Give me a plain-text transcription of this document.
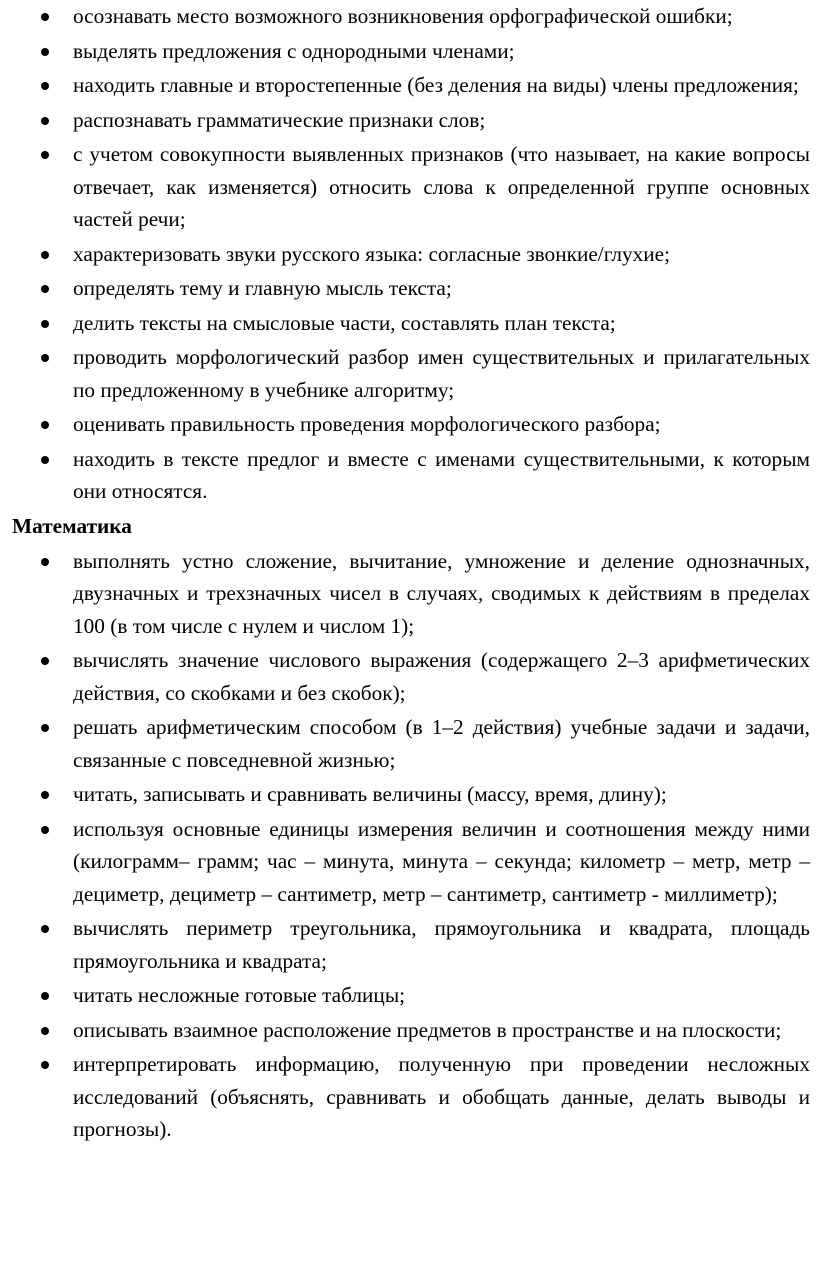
осознавать место возможного возникновения орфографической ошибки;
выделять предложения с однородными членами;
находить главные и второстепенные (без деления на виды) члены предложения;
распознавать грамматические признаки слов;
с учетом совокупности выявленных признаков (что называет, на какие вопросы отвечает, как изменяется) относить слова к определенной группе основных частей речи;
характеризовать звуки русского языка: согласные звонкие/глухие;
определять тему и главную мысль текста;
делить тексты на смысловые части, составлять план текста;
проводить морфологический разбор имен существительных и прилагательных по предложенному в учебнике алгоритму;
оценивать правильность проведения морфологического разбора;
находить в тексте предлог и вместе с именами существительными, к которым они относятся.
Математика
выполнять устно сложение, вычитание, умножение и деление однозначных, двузначных и трехзначных чисел в случаях, сводимых к действиям в пределах 100 (в том числе с нулем и числом 1);
вычислять значение числового выражения (содержащего 2–3 арифметических действия, со скобками и без скобок);
решать арифметическим способом (в 1–2 действия) учебные задачи и задачи, связанные с повседневной жизнью;
читать, записывать и сравнивать величины (массу, время, длину);
используя основные единицы измерения величин и соотношения между ними (килограмм– грамм; час – минута, минута – секунда; километр – метр, метр – дециметр, дециметр – сантиметр, метр – сантиметр, сантиметр - миллиметр);
вычислять периметр треугольника, прямоугольника и квадрата, площадь прямоугольника и квадрата;
читать несложные готовые таблицы;
описывать взаимное расположение предметов в пространстве и на плоскости;
интерпретировать информацию, полученную при проведении несложных исследований (объяснять, сравнивать и обобщать данные, делать выводы и прогнозы).
